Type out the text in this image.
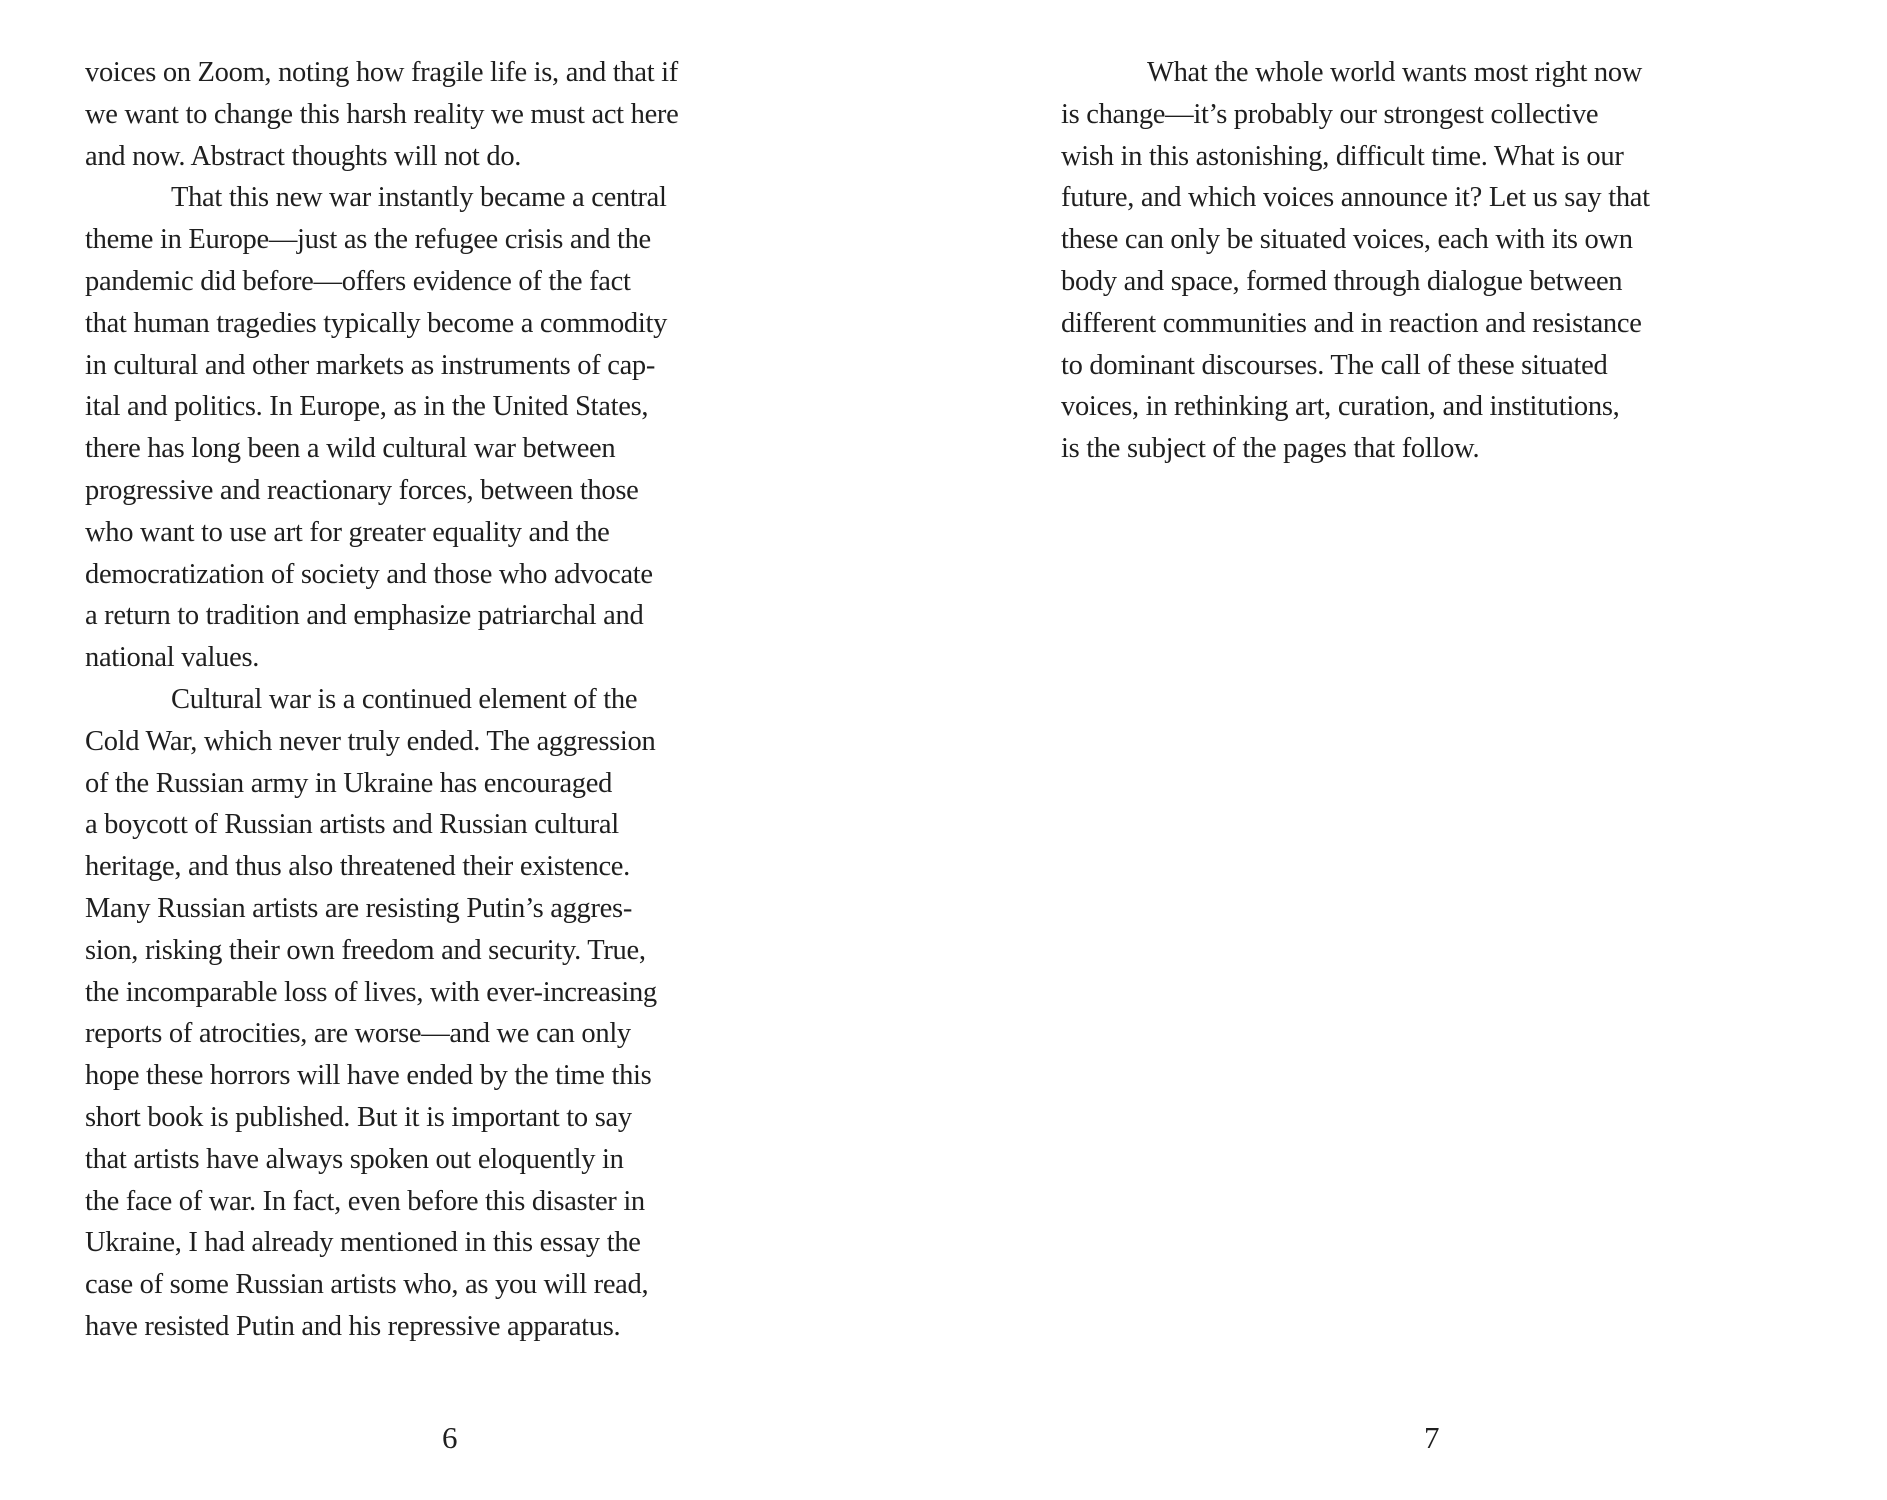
voices on Zoom, noting how fragile life is, and that if
we want to change this harsh reality we must act here
and now. Abstract thoughts will not do.
That this new war instantly became a central
theme in Europe—just as the refugee crisis and the
pandemic did before—offers evidence of the fact
that human tragedies typically become a commodity
in cultural and other markets as instruments of cap-
ital and politics. In Europe, as in the United States,
there has long been a wild cultural war between
progressive and reactionary forces, between those
who want to use art for greater equality and the
democratization of society and those who advocate
a return to tradition and emphasize patriarchal and
national values.
Cultural war is a continued element of the
Cold War, which never truly ended. The aggression
of the Russian army in Ukraine has encouraged
a boycott of Russian artists and Russian cultural
heritage, and thus also threatened their existence.
Many Russian artists are resisting Putin’s aggres-
sion, risking their own freedom and security. True,
the incomparable loss of lives, with ever-increasing
reports of atrocities, are worse—and we can only
hope these horrors will have ended by the time this
short book is published. But it is important to say
that artists have always spoken out eloquently in
the face of war. In fact, even before this disaster in
Ukraine, I had already mentioned in this essay the
case of some Russian artists who, as you will read,
have resisted Putin and his repressive apparatus.
6
What the whole world wants most right now
is change—it’s probably our strongest collective
wish in this astonishing, difficult time. What is our
future, and which voices announce it? Let us say that
these can only be situated voices, each with its own
body and space, formed through dialogue between
different communities and in reaction and resistance
to dominant discourses. The call of these situated
voices, in rethinking art, curation, and institutions,
is the subject of the pages that follow.
7
